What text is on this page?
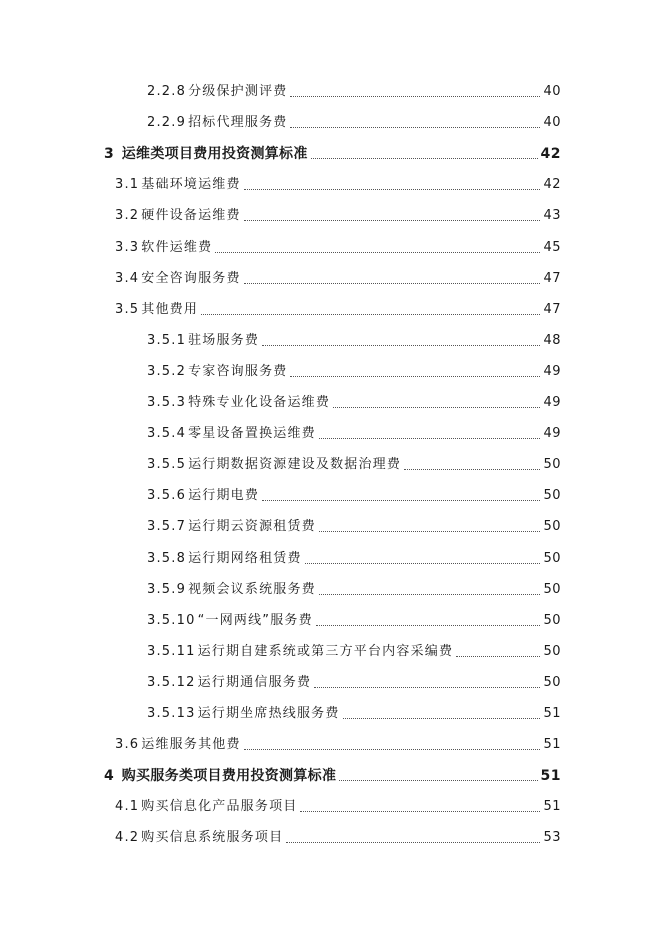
2.2.8 分级保护测评费	40
2.2.9 招标代理服务费	40
3 运维类项目费用投资测算标准	42
3.1 基础环境运维费	42
3.2 硬件设备运维费	43
3.3 软件运维费	45
3.4 安全咨询服务费	47
3.5 其他费用	47
3.5.1 驻场服务费	48
3.5.2 专家咨询服务费	49
3.5.3 特殊专业化设备运维费	49
3.5.4 零星设备置换运维费	49
3.5.5 运行期数据资源建设及数据治理费	50
3.5.6 运行期电费	50
3.5.7 运行期云资源租赁费	50
3.5.8 运行期网络租赁费	50
3.5.9 视频会议系统服务费	50
3.5.10 “一网两线”服务费	50
3.5.11 运行期自建系统或第三方平台内容采编费	50
3.5.12 运行期通信服务费	50
3.5.13 运行期坐席热线服务费	51
3.6 运维服务其他费	51
4 购买服务类项目费用投资测算标准	51
4.1 购买信息化产品服务项目	51
4.2 购买信息系统服务项目	53
